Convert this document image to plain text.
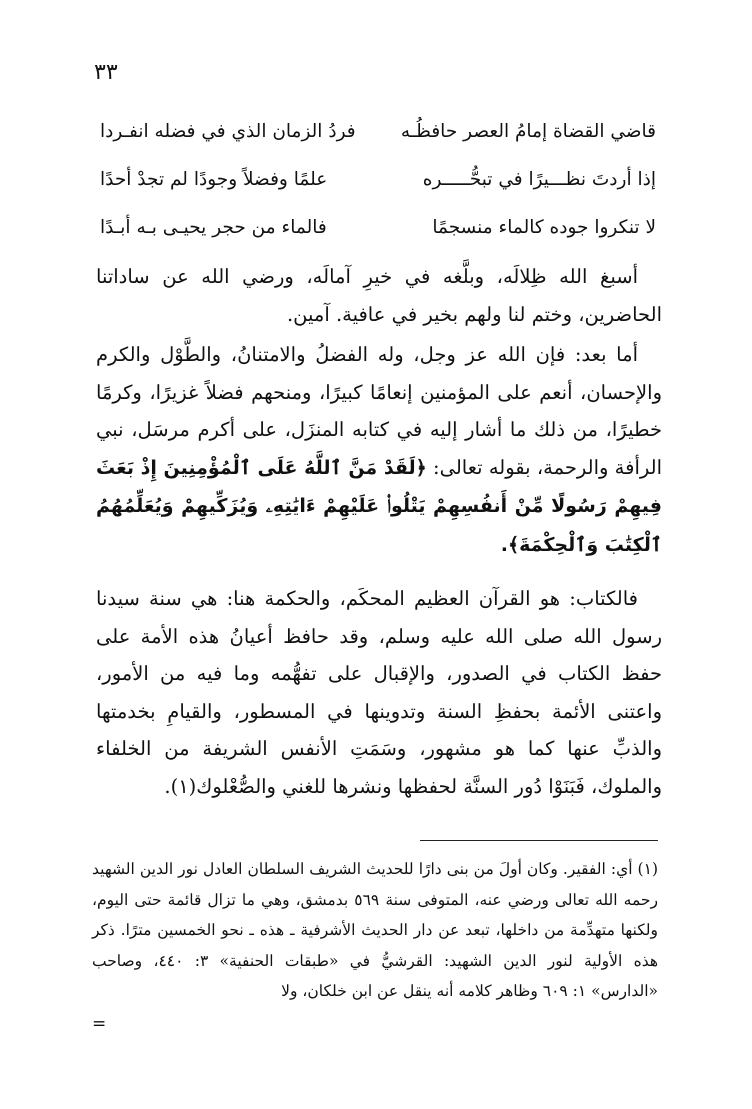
٣٣
قاضي القضاة إمامُ العصر حافظُـه
فردُ الزمان الذي في فضله انفـردا
إذا أردتَ نظـــيرًا في تبحُّـــــره
علمًا وفضلاً وجودًا لم تجدْ أحدًا
لا تنكروا جوده كالماء منسجمًا
فالماء من حجر يحيـى بـه أبـدًا

أسبغ الله ظِلالَه، وبلَّغه في خيرِ آمالَه، ورضي الله عن ساداتنا الحاضرين، وختم لنا ولهم بخير في عافية. آمين.

أما بعد: فإن الله عز وجل، وله الفضلُ والامتنانُ، والطَّوْل والكرم والإحسان، أنعم على المؤمنين إنعامًا كبيرًا، ومنحهم فضلاً غزيرًا، وكرمًا خطيرًا، من ذلك ما أشار إليه في كتابه المنزَل، على أكرم مرسَل، نبي الرأفة والرحمة، بقوله تعالى: ﴿لَقَدْ مَنَّ ٱللَّهُ عَلَى ٱلْمُؤْمِنِينَ إِذْ بَعَثَ فِيهِمْ رَسُولًا مِّنْ أَنفُسِهِمْ يَتْلُوا۟ عَلَيْهِمْ ءَايَٰتِهِۦ وَيُزَكِّيهِمْ وَيُعَلِّمُهُمُ ٱلْكِتَٰبَ وَٱلْحِكْمَةَ﴾.

فالكتاب: هو القرآن العظيم المحكَم، والحكمة هنا: هي سنة سيدنا رسول الله صلى الله عليه وسلم، وقد حافظ أعيانُ هذه الأمة على حفظ الكتاب في الصدور، والإقبال على تفهُّمه وما فيه من الأمور، واعتنى الأئمة بحفظِ السنة وتدوينها في المسطور، والقيامِ بخدمتها والذبِّ عنها كما هو مشهور، وسَمَتِ الأنفس الشريفة من الخلفاء والملوك، فَبَنَوْا دُور السنَّة لحفظها ونشرها للغني والصُّعْلوك(١).

(١) أي: الفقير. وكان أولَ من بنى دارًا للحديث الشريف السلطان العادل نور الدين الشهيد رحمه الله تعالى ورضي عنه، المتوفى سنة ٥٦٩ بدمشق، وهي ما تزال قائمة حتى اليوم، ولكنها متهدِّمة من داخلها، تبعد عن دار الحديث الأشرفية ـ هذه ـ نحو الخمسين مترًا. ذكر هذه الأولية لنور الدين الشهيد: القرشيُّ في «طبقات الحنفية» ٣: ٤٤٠، وصاحب «الدارس» ١: ٦٠٩ وظاهر كلامه أنه ينقل عن ابن خلكان، ولا

=
